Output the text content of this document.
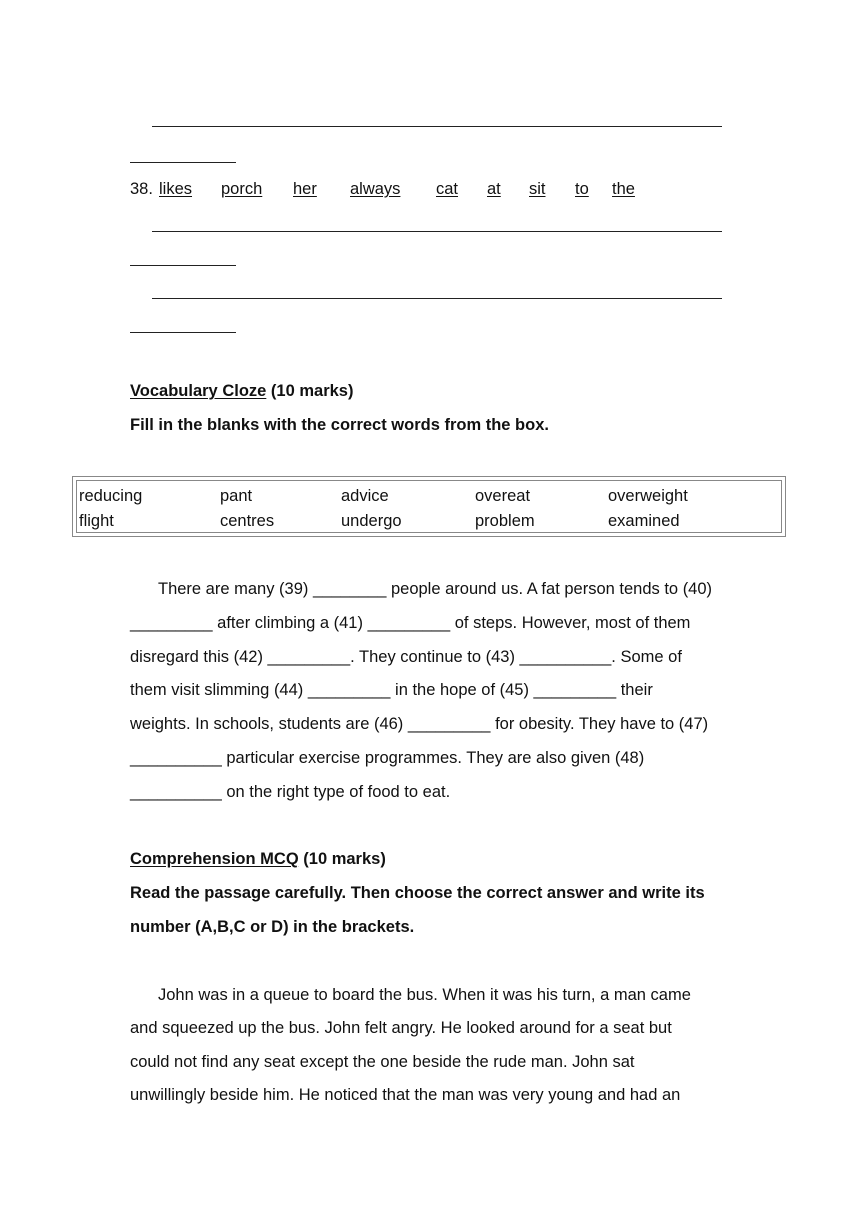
38. likes porch her always cat at sit to the
Vocabulary Cloze (10 marks)
Fill in the blanks with the correct words from the box.
reducing	pant	advice	overeat	overweight
flight	centres	undergo	problem	examined
There are many (39) ________ people around us. A fat person tends to (40)
_________ after climbing a (41) _________ of steps. However, most of them
disregard this (42) _________. They continue to (43) __________. Some of
them visit slimming (44) _________ in the hope of (45) _________ their
weights. In schools, students are (46) _________ for obesity. They have to (47)
__________ particular exercise programmes. They are also given (48)
__________ on the right type of food to eat.
Comprehension MCQ (10 marks)
Read the passage carefully. Then choose the correct answer and write its
number (A,B,C or D) in the brackets.
John was in a queue to board the bus. When it was his turn, a man came
and squeezed up the bus. John felt angry. He looked around for a seat but
could not find any seat except the one beside the rude man. John sat
unwillingly beside him. He noticed that the man was very young and had an
